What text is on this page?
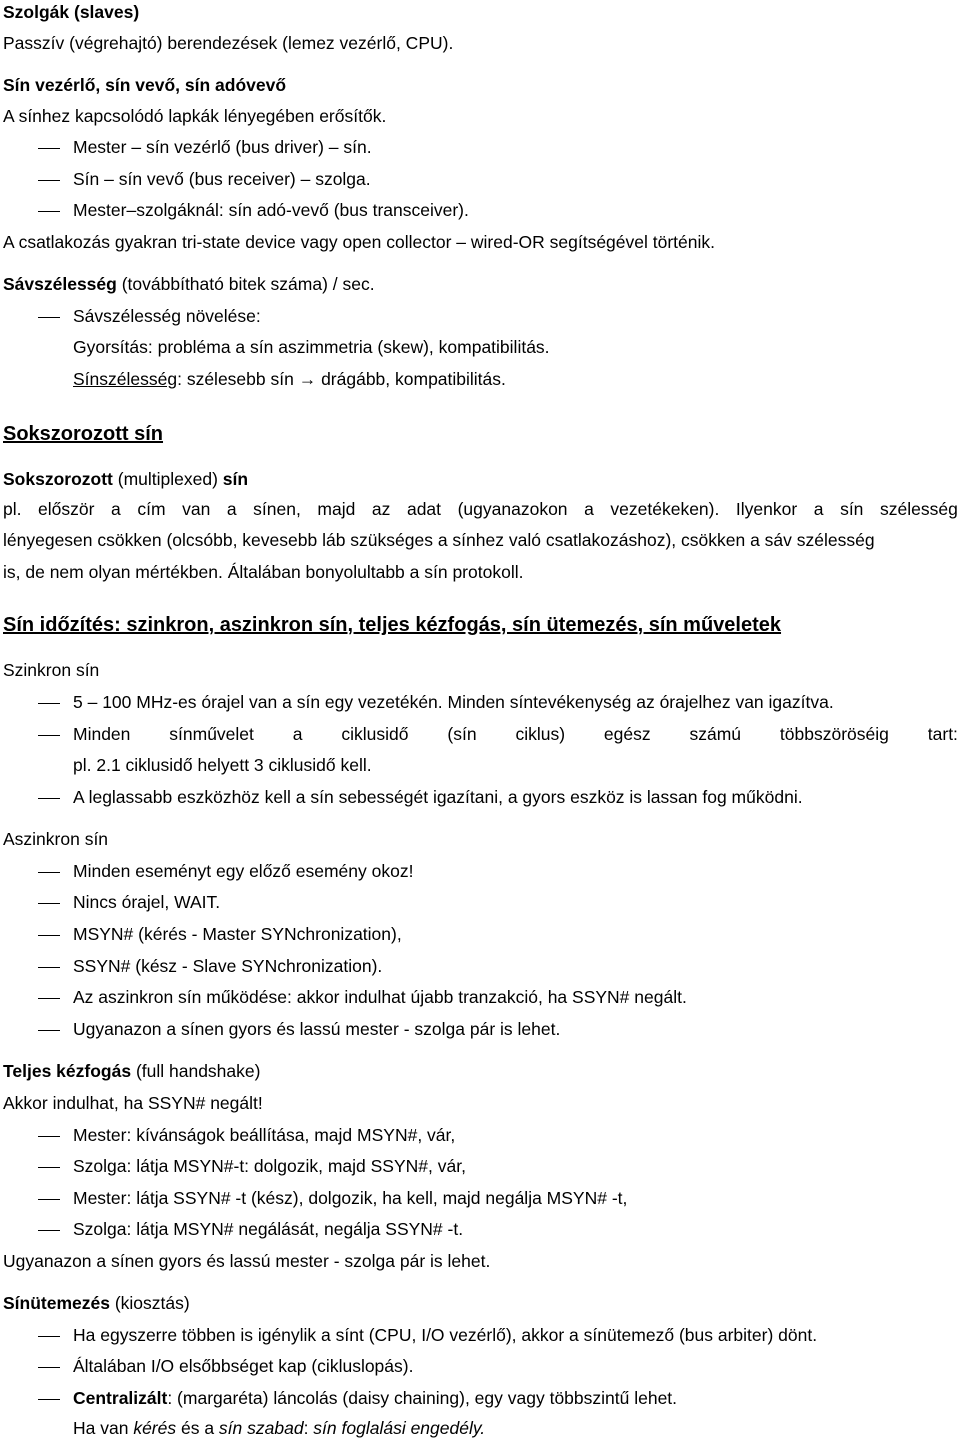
Szolgák (slaves)
Passzív (végrehajtó) berendezések (lemez vezérlő, CPU).
Sín vezérlő, sín vevő, sín adóvevő
A sínhez kapcsolódó lapkák lényegében erősítők.
Mester – sín vezérlő (bus driver) – sín.
Sín – sín vevő (bus receiver) – szolga.
Mester–szolgáknál: sín adó-vevő (bus transceiver).
A csatlakozás gyakran tri-state device vagy open collector – wired-OR segítségével történik.
Sávszélesség (továbbítható bitek száma) / sec.
Sávszélesség növelése:
Gyorsítás: probléma a sín aszimmetria (skew), kompatibilitás.
Sínszélesség: szélesebb sín → drágább, kompatibilitás.
Sokszorozott sín
Sokszorozott (multiplexed) sín
pl. először a cím van a sínen, majd az adat (ugyanazokon a vezetékeken). Ilyenkor a sín szélesség
lényegesen csökken (olcsóbb, kevesebb láb szükséges a sínhez való csatlakozáshoz), csökken a sáv szélesség
is, de nem olyan mértékben. Általában bonyolultabb a sín protokoll.
Sín időzítés: szinkron, aszinkron sín, teljes kézfogás, sín ütemezés, sín műveletek
Szinkron sín
5 – 100 MHz-es órajel van a sín egy vezetékén. Minden síntevékenység az órajelhez van igazítva.
Minden sínművelet a ciklusidő (sín ciklus) egész számú többszöröséig tart:
pl. 2.1 ciklusidő helyett 3 ciklusidő kell.
A leglassabb eszközhöz kell a sín sebességét igazítani, a gyors eszköz is lassan fog működni.
Aszinkron sín
Minden eseményt egy előző esemény okoz!
Nincs órajel, WAIT.
MSYN# (kérés - Master SYNchronization),
SSYN# (kész - Slave SYNchronization).
Az aszinkron sín működése: akkor indulhat újabb tranzakció, ha SSYN# negált.
Ugyanazon a sínen gyors és lassú mester - szolga pár is lehet.
Teljes kézfogás (full handshake)
Akkor indulhat, ha SSYN# negált!
Mester: kívánságok beállítása, majd MSYN#, vár,
Szolga: látja MSYN#-t: dolgozik, majd SSYN#, vár,
Mester: látja SSYN# -t (kész), dolgozik, ha kell, majd negálja MSYN# -t,
Szolga: látja MSYN# negálását, negálja SSYN# -t.
Ugyanazon a sínen gyors és lassú mester - szolga pár is lehet.
Sínütemezés (kiosztás)
Ha egyszerre többen is igénylik a sínt (CPU, I/O vezérlő), akkor a sínütemező (bus arbiter) dönt.
Általában I/O elsőbbséget kap (cikluslopás).
Centralizált: (margaréta) láncolás (daisy chaining), egy vagy többszintű lehet.
Ha van kérés és a sín szabad: sín foglalási engedély.
